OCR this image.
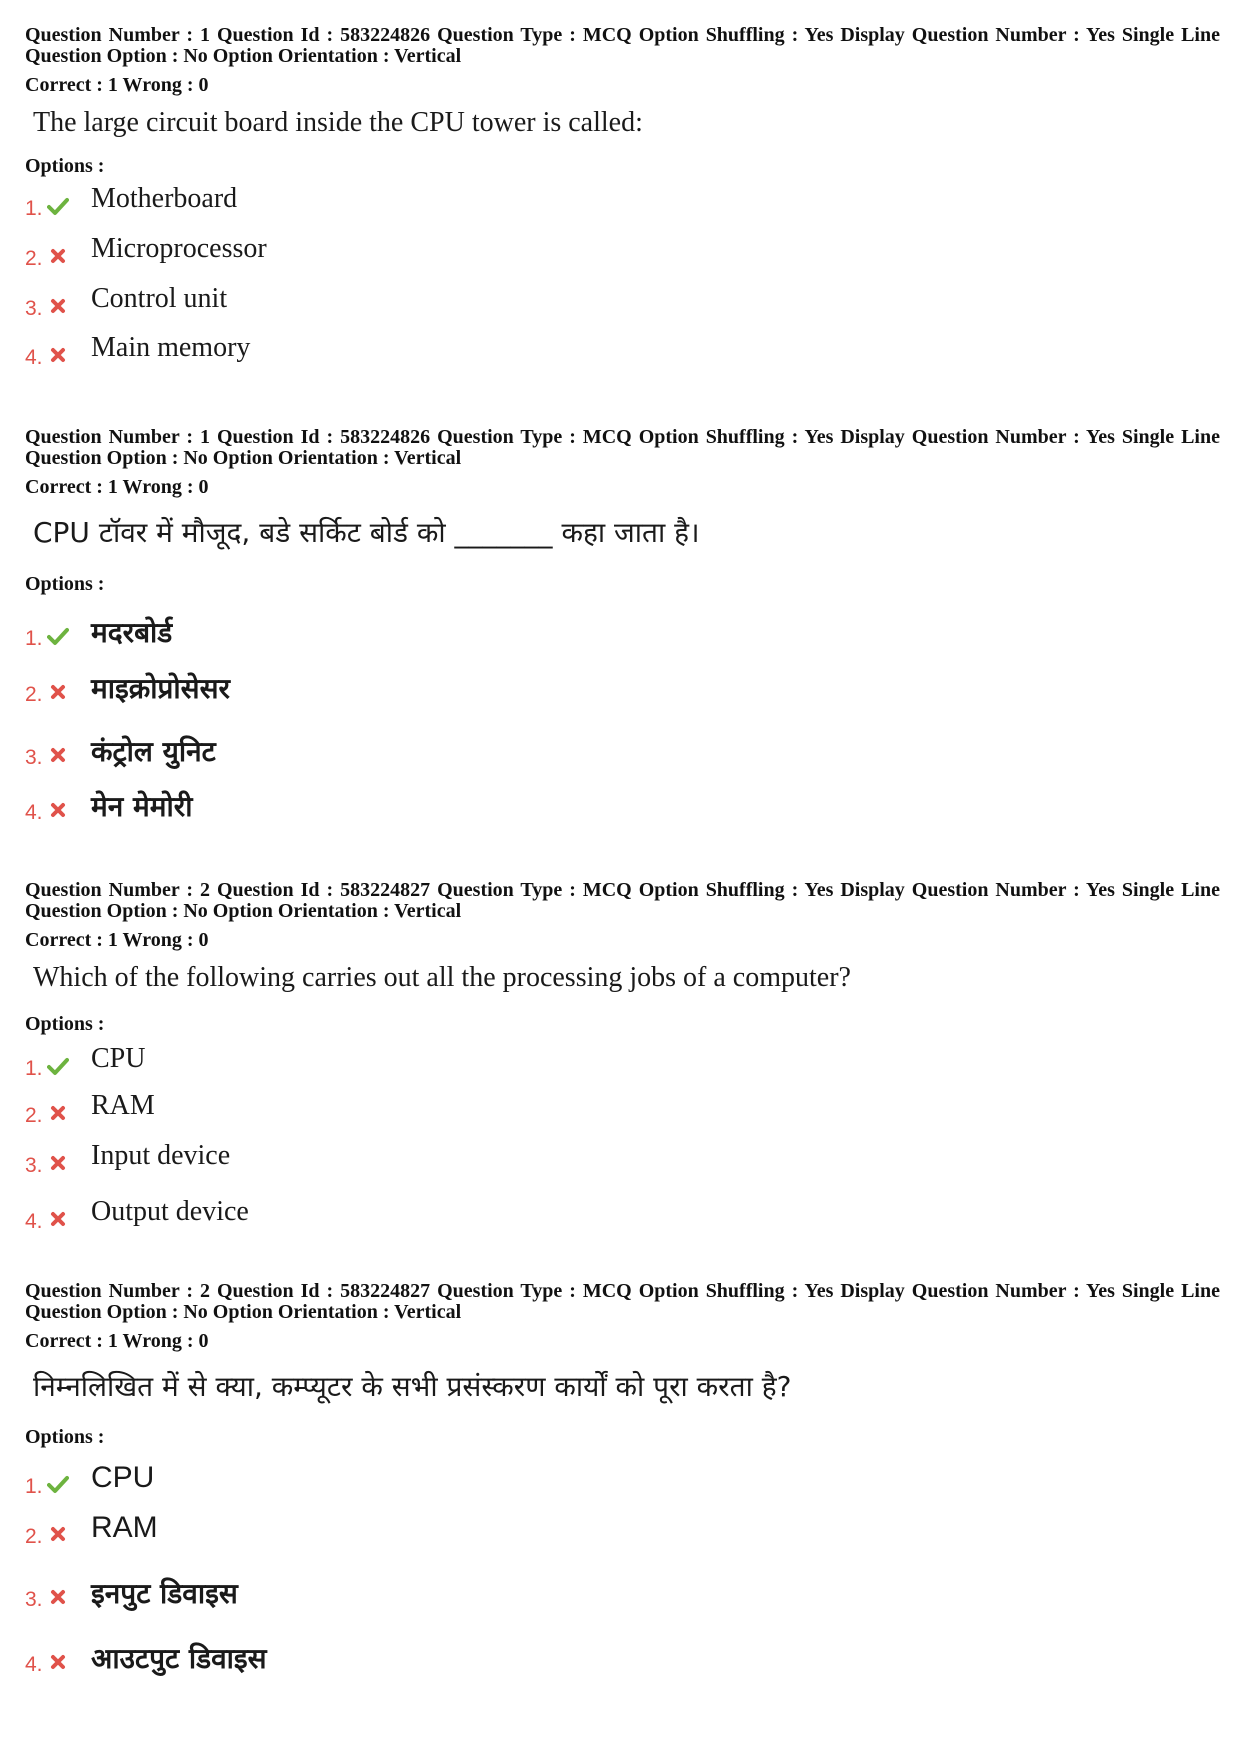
Question Number : 1 Question Id : 583224826 Question Type : MCQ Option Shuffling : Yes Display Question Number : Yes Single Line Question Option : No Option Orientation : Vertical
Correct : 1 Wrong : 0
The large circuit board inside the CPU tower is called:
Options :
1. Motherboard
2. Microprocessor
3. Control unit
4. Main memory
Question Number : 1 Question Id : 583224826 Question Type : MCQ Option Shuffling : Yes Display Question Number : Yes Single Line Question Option : No Option Orientation : Vertical
Correct : 1 Wrong : 0
CPU टॉवर में मौजूद, बडे सर्किट बोर्ड को _______ कहा जाता है।
Options :
1. मदरबोर्ड
2. माइक्रोप्रोसेसर
3. कंट्रोल युनिट
4. मेन मेमोरी
Question Number : 2 Question Id : 583224827 Question Type : MCQ Option Shuffling : Yes Display Question Number : Yes Single Line Question Option : No Option Orientation : Vertical
Correct : 1 Wrong : 0
Which of the following carries out all the processing jobs of a computer?
Options :
1. CPU
2. RAM
3. Input device
4. Output device
Question Number : 2 Question Id : 583224827 Question Type : MCQ Option Shuffling : Yes Display Question Number : Yes Single Line Question Option : No Option Orientation : Vertical
Correct : 1 Wrong : 0
निम्नलिखित में से क्या, कम्प्यूटर के सभी प्रसंस्करण कार्यों को पूरा करता है?
Options :
1. CPU
2. RAM
3. इनपुट डिवाइस
4. आउटपुट डिवाइस
